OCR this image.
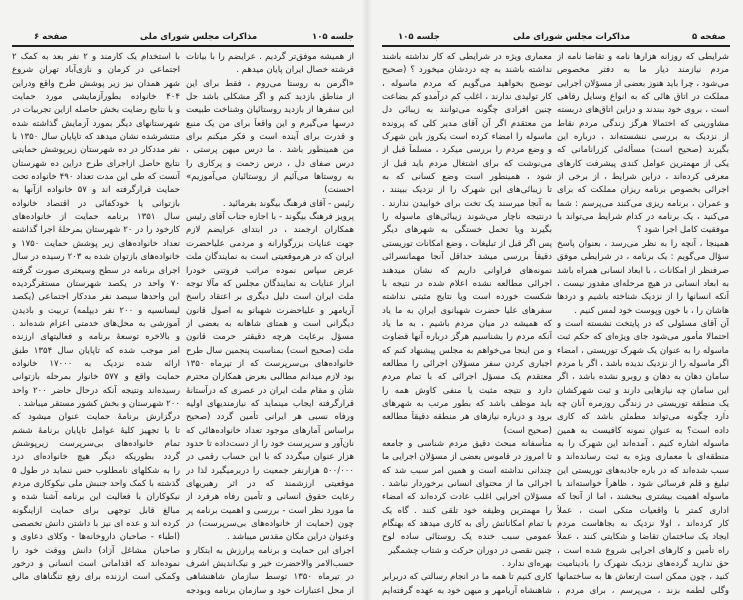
صفحه ۶	مذاکرات مجلس شورای ملی	جلسه ۱۰۵
از همیشه موفق‌تر گردیم . عرایضم را با بیانات
فرشته خصال ایران پایان میدهم .
«اگرمن به روستا می‌روم ، فقط برای این
از مناطق بازدید کنم و اگر مشکلی باشد حل
این سفرها از بازدید روستائیان وشناخت طبیعت
درسها می‌گیرم و این واقعاً برای من یک منبع
و قدرت برای آینده است و فکر میکنم برای
من همینطور باشد . ما درس میهن پرستی ،
درس صفای دل ، درس زحمت و پرکاری را
به روستاها می‌آئیم از روستائیان می‌آموزیم»
احسنت)
رئیس - آقای فرهنگ بیگوند بفرمائید .
پرویز فرهنگ بیگوند - با اجازه جناب آقای رئیس
همکاران ارجمند ، در ابتدای عرایضم لازم
جهت عنایات بزرگوارانه و مردمی علیاحضرت
ایران که در هرموقعیتی است به نمایندگان ملت
عرض سپاس نموده مراتب فروتنی خودرا
ابراز عنایات به نمایندگان مجلس که مآلا توجه
ملت ایران است دلیل دیگری بر اعتقاد راسخ
آریامهر و علیاحضرت شهبانو به اصول قانون
دیگرانی است و همتای شاهانه به بعضی از
مسؤل برعایت هرچه دقیقتر حرمت قانون
ملت (صحیح است) بمناسبت پنجمین سال طرح
خانواده‌های بی‌سرپرست که از تیرماه ۱۳۵۰
بود لازم میدانم مطالبی بعرض همکاران محترم
شأن و مقام ملت ایران در عصری که درآستانهٔ
قرارگرفته ایجاب مینماید که نیازمندیهای اولیه
ورفاه نسبی هر ایرانی تأمین گردد (صحیح
براساس آمارهای موجود تعداد خانواده‌هائی که
نان‌آور و سرپرست خود را از دست‌داده تا حدود
هزار عنوان میگردد که با این حساب رقمی در
۵۰۰/۰۰۰ هزارنفر جمعیت را دربرمیگیرد لذا در
موقعیتی ارزشمند که در اثر رهبریهای
رعایت حقوق انسانی و تأمین رفاه هرفرد از
ما مورد نظر است - بررسی و اهمیت برنامه پر
چون (حمایت از خانواده‌های بی‌سرپرست) در
وعنوان دراین مکان مقدس میباشد .
اجرای این حمایت و برنامه پرارزش به ابتکار و
حسب‌الامر والاحضرت خیر و نیک‌اندیش اشرف
در تیرماه ۱۳۵۰ توسط سازمان شاهنشاهی
از محل اعتبارات خود و سازمان برنامه وبودجه
با استخدام یک کارمند و ۲ نفر بعد به کمک ۲
اجتماعی در کرمان و نازی‌آباد تهران شروع
شهر همدان نیز زیر پوشش طرح واقع ودراین
۴۰۴ خانواده بطورآزمایشی مورد حمایت
و با نتایج رضایت بخش حاصله ازاین تجربیات در
شهرستانهای دیگر بمورد آزمایش گذاشته شده
منتشرشده نشان میدهد که تاپایان سال ۱۳۵۰ با
نفر مددکار در ده شهرستان زیرپوشش حمایتی
نتایج حاصل ازاجرای طرح دراین ده شهرستان
آنست که طی این مدت تعداد ۴۹۰ خانواده تحت
حمایت قرارگرفته اند و ۵۷ خانواده ازآنها به
بازتوانی یا خودکفائی در اقتصاد خانواده
سال ۱۳۵۱ برنامه حمایت از خانواده‌های
کارخود را در ۲۰ شهرستان بمرحلهٔ اجرا گذاشته
تعداد خانواده‌های زیر پوشش حمایت ۱۷۵۰ و
خانواده‌های بازتوان شده به ۲۰۳ رسیده در سال
اجرای برنامه در سطح وسیعتری صورت گرفته
۷۰ واحد در یکصد شهرستان مستقرگردیده
این واحدها سیصد نفر مددکار اجتماعی (یکصد
لیسانسیه و ۲۰۰ نفر دیپلمه) تربیت و باذیدن
آموزشی به محل‌های خدمتی اعزام شده‌اند .
و بالاخره توسعهٔ برنامه و فعالیتهای ارزنده
امر موجب شده که تاپایان سال ۱۳۵۴ طبق
ارائه شده نزدیک به ۱۷۰۰۰ خانواده
حمایت واقع و ۵۷۷ خانوار بمرحله بازتوانی
رسیده‌اند ونتیجه آنکه درحال حاضر ۲۰۰ واحد
۲۰۰ شهرستان و بخش کشور مستقر میباشد .
درگزارش برنامهٔ حمایت عنوان میشود که
تا با تجهیز کلیهٔ عوامل تاپایان برنامهٔ ششم
تمام خانواده‌های بی‌سرپرست زیرپوشش
گردد بطوریکه دیگر هیچ خانواده‌ای درد
را به شکلهای نامطلوب حس ننماید در طول ۵
گذشته با کمک واحد جنبش ملی نیکوکاری مردم
نیکوکاران با فعالیت این برنامه آشنا شده و
مبالغ قابل توجهی برای حمایت ازاینگونه
کرده اند و عده ای نیز با داشتن دانش تخصصی
(اطباء - صاحبان داروخانه‌ها - وکلای دعاوی و
صاحبان مشاغل آزاد) دانش ووقت خود را
نموده‌اند که اقداماتی است انسانی و درخور
وکمکی است ارزنده برای رفع تنگناهای مالی
جلسه ۱۰۵	مذاکرات مجلس شورای ملی	صفحه ۵
شرایطی که روزانه هزارها نامه و تقاضا نامه از
مردم نیازمند دیار ما به دفتر مخصوص
می‌شود ، چرا باید هنوز بعضی از مسؤلان اجرایی
مملکت در اتاق هائی که به انواع وسایل رفاهی
است ، بروی خود ببندند و دراین اتاق‌های دربسته
مشاورینی که احتمالا هرگز زندگی مردم نقاط
از نزدیک به بررسی ننشسته‌اند ، درباره این
بگیرند (صحیح است) مسأله‌ئی کزرانامانی که
یکی از مهمترین عوامل کندی پیشرفت کارهای
معرفی کرده‌اند ، دراین شرایط ، از برخی از
اجرائی بخصوص برنامه ریزان مملکت که برای
و عمران ، برنامه ریزی می‌کنند می‌پرسم : شما
می‌کنید ، یک برنامه در کدام شرایط می‌تواند با
موفقیت کامل اجرا شود ؟
همینجا ، آنچه را به نظر می‌رسد ، بعنوان پاسخ
سؤال می‌گویم : یک برنامه ، در شرایطی موفق
صرفنظر از امکانات ، با ابعاد انسانی همراه باشد
به ابعاد انسانی در هیچ مرحله‌ای مقدور نیست ،
آنکه انسانها را از نزدیک شناخته باشیم و دردها
هاشان را ، با خون وپوست خود لمس کنیم .
آن آقای مسئولی که در پایتخت نشسته است و
احتمالا مأمور می‌شود جای ویژه‌ای که حکم ثبت
ماسوله را به عنوان یک شهرک توریستی ، امضاء
اگر ماسوله را از نزدیک ندیده باشد ، اگر با مردم
سامان دهان به دهان و روبرو نشده باشد ، اگر
این سامان چه نیازهایی دارند و ثبت شهرکشان
یک منطقه توریستی در زندگی روزمره آنان چه
دارد چگونه می‌تواند مطمئن باشد که کاری
داده است؟ به عنوان نمونه کافیست به همین
ماسوله اشاره کنیم ، آمده‌اند این شهرک را به
منطقه‌ای با معماری ویژه به ثبت رسانده‌اند و
سبب شده‌اند که در باره جاذبه‌های توریستی این
تبلیغ و قلم فرسائی شود ، ظاهراً خواسته‌اند با
ماسوله اهمیت بیشتری ببخشند ، اما از آنجا که
اداری کمتر با واقعیات متکی است ، عملاً
کار کرده‌اند ، اولا نزدیک به بجاهاست مردم
ایجاد یک ساختمان تقاضا و شکایتی کنند ، عملاً
راه تأمین و کارهای اجرایی شروع شده است ،
حق ندارید گرده‌های نزدیک شهرک را بادینامیت
کنید ، چون ممکن است ارتعاش ها به ساختمانها
وگلی لطمه بزند ، می‌پرسم ، برای مردم ،
معماری ویژه در شرایطی که کار نداشته باشند
نداشته باشند به چه دردشان میخورد ؟ (صحیح
توضیح بخواهید می‌گویم که مردم ماسوله ،
کار تولیدی ندارند ، اغلب کم درآمدو کم بضاعت
چنین افرادی چگونه می‌توانند به زیبائی دل
من معتقدم اگر آن آقای مدیر کلی که پرونده
ماسوله را امضاء کرده است یکروز باین شهرک
و وضع مردم را بررسی میکرد ، مسلماً قبل از
می‌نوشت که برای اشتغال مردم باید قبل از
شود ، همینطور است وضع کسانی که به
تا زیبائی‌های این شهرک را از نزدیک ببینند ،
به آنجا میرسند یک تخت برای خوابیدن ندارند .
درنتیجه ناچار می‌شوند زیبائی‌های ماسوله را
بگیرند ویا تحمل خستگی به شهرهای دیگر
پس اگر قبل از تبلیغات ، وضع امکانات توریستی
دقیقاً بررسی میشد حداقل آنجا مهمانسرائی
نمونه‌های فراوانی داریم که نشان میدهند
اجرائی مطالعه نشده اعلام شده در نتیجه با
شکست خورده است ویا نتایج مثبتی نداشته
سفرهای علیا حضرت شهبانوی ایران به ما یاد
که همیشه در میان مردم باشیم ، به ما یاد
آنکه مردم را بشناسیم هرگز درباره آنها قضاوت
و من اینجا می‌خواهم به مجلس پیشنهاد کنم که
اجباری کردن سفر مسؤلان اجرائی را مطالعه
معتقدم یک مسؤل اجرائی که با تمام مردم
دارد و نتیجه مثبت یا منفی کاوش همه را
باید موظف باشد که بطور مرتب به شهرهای
برود و درباره نیازهای هر منطقه دقیقاً مطالعه
(صحیح است)
متأسفانه مبحث دقیق مردم شناسی و جامعه
تا امروز در قاموس بعضی از مسؤلان اجرایی ما
چندانی نداشته است و همین امر سبب شد که
اجرائی ما از محتوای انسانی برخوردار نباشد .
مسؤلان اجرایی اغلب عادت کرده‌اند که امضاء
را مهمترین وظیفه خود تلقی کنند . گاه یک
با تمام امکاناتش رأی به کاری میدهد که بهنگام
عمومی سبب خنده یک روستائی ساده لوح
چنین نقصی در دوران حرکت و شتاب چشمگیر
بهره‌ای ندارد .
کاری کنیم تا همه ما در انجام رسالتی که دربرابر
شاهنشاه آریامهر و میهن خود به عهده گرفته‌ایم
